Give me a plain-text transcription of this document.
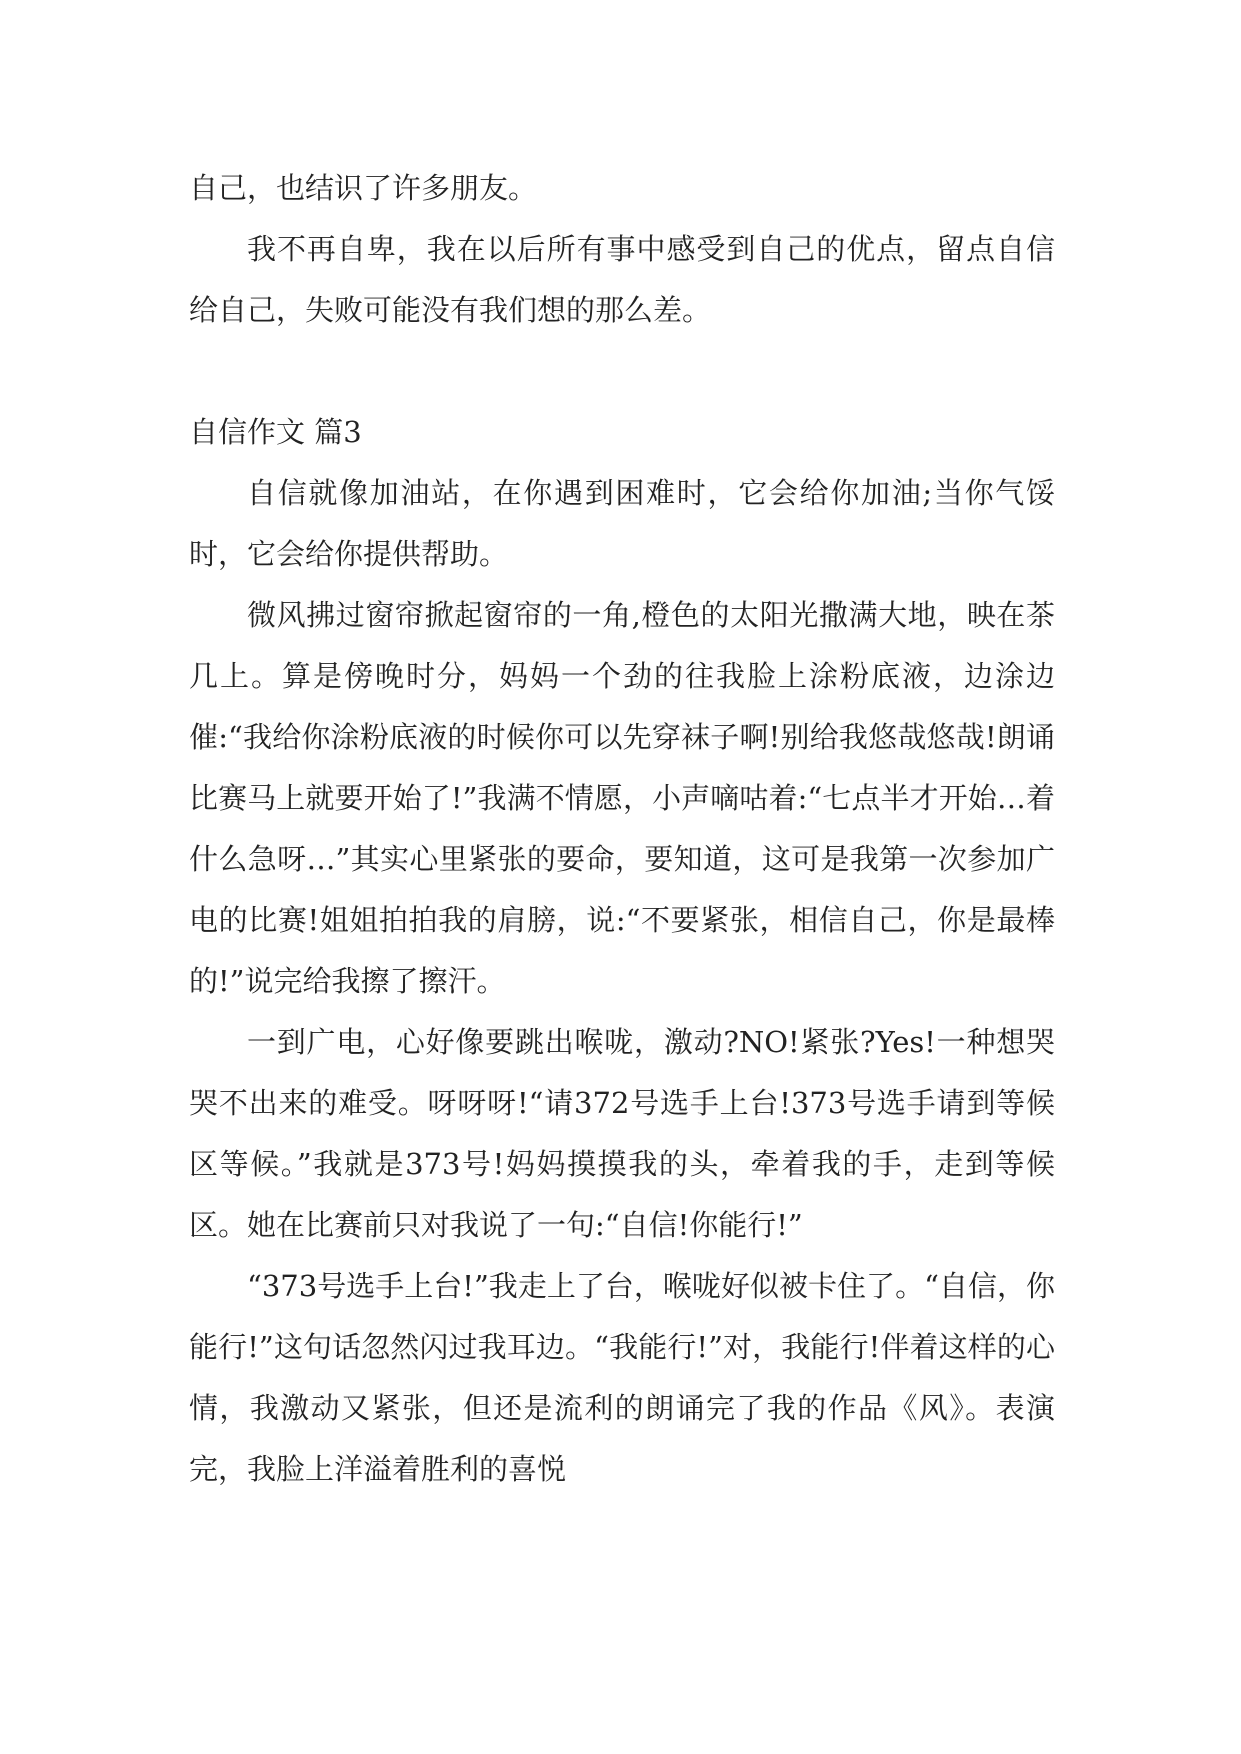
自己，也结识了许多朋友。

我不再自卑，我在以后所有事中感受到自己的优点，留点自信给自己，失败可能没有我们想的那么差。

自信作文 篇3

自信就像加油站，在你遇到困难时，它会给你加油;当你气馁时，它会给你提供帮助。

微风拂过窗帘掀起窗帘的一角,橙色的太阳光撒满大地，映在茶几上。算是傍晚时分，妈妈一个劲的往我脸上涂粉底液，边涂边催:“我给你涂粉底液的时候你可以先穿袜子啊!别给我悠哉悠哉!朗诵比赛马上就要开始了!”我满不情愿，小声嘀咕着:“七点半才开始…着什么急呀…”其实心里紧张的要命，要知道，这可是我第一次参加广电的比赛!姐姐拍拍我的肩膀，说:“不要紧张，相信自己，你是最棒的!”说完给我擦了擦汗。

一到广电，心好像要跳出喉咙，激动?NO!紧张?Yes!一种想哭哭不出来的难受。呀呀呀!“请372号选手上台!373号选手请到等候区等候。”我就是373号!妈妈摸摸我的头，牵着我的手，走到等候区。她在比赛前只对我说了一句:“自信!你能行!”

“373号选手上台!”我走上了台，喉咙好似被卡住了。“自信，你能行!”这句话忽然闪过我耳边。“我能行!”对，我能行!伴着这样的心情，我激动又紧张，但还是流利的朗诵完了我的作品《风》。表演完，我脸上洋溢着胜利的喜悦
